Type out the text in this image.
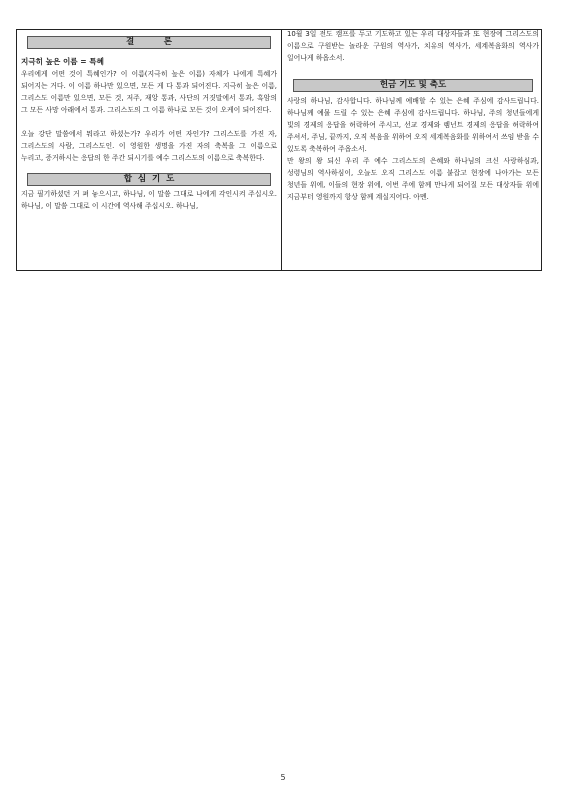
결          론
지극히 높은 이름 = 특혜

우리에게 어떤 것이 특혜인가? 이 이름(지극히 높은 이름) 자체가 나에게 특혜가 되어지는 거다. 이 이름 하나만 있으면, 모든 게 다 통과 되어진다. 지극히 높은 이름, 그리스도 이름만 있으면, 모든 것, 저주, 재앙 통과, 사단의 거짓말에서 통과, 흑암의 그 모든 사망 아래에서 통과. 그리스도의 그 이름 하나로 모든 것이 오케이 되어진다.

오늘 강단 말씀에서 뭐라고 하셨는가? 우리가 어떤 자인가? 그리스도를 가진 자, 그리스도의 사람, 그리스도인. 이 영원한 생명을 가진 자의 축복을 그 이름으로 누리고, 증거하시는 응답의 한 주간 되시기를 예수 그리스도의 이름으로 축복한다.

합  심  기  도

지금 필기하셨던 거 펴 놓으시고, 하나님, 이 말씀 그대로 나에게 각인시켜 주십시오. 하나님, 이 말씀 그대로 이 시간에 역사해 주십시오. 하나님,

10월 3일 전도 캠프를 두고 기도하고 있는 우리 대상자들과 또 현장에 그리스도의 이름으로 구원받는 놀라운 구원의 역사가, 치유의 역사가, 세계복음화의 역사가 일어나게 하옵소서.

헌금 기도 및 축도

사랑의 하나님, 감사합니다. 하나님께 예배할 수 있는 은혜 주심에 감사드립니다. 하나님께 예물 드릴 수 있는 은혜 주심에 감사드립니다. 하나님, 주의 청년들에게 빛의 경제의 응답을 허락하여 주시고, 선교 경제와 렘넌트 경제의 응답을 허락하여 주셔서, 주님, 끝까지, 오직 복음을 위하여 오직 세계복음화를 위하여서 쓰임 받을 수 있도록 축복하여 주옵소서.

만 왕의 왕 되신 우리 주 예수 그리스도의 은혜와 하나님의 크신 사랑하심과, 성령님의 역사하심이, 오늘도 오직 그리스도 이름 붙잡고 현장에 나아가는 모든 청년들 위에, 이들의 현장 위에, 이번 주에 함께 만나게 되어질 모든 대상자들 위에 지금부터 영원까지 항상 함께 계실지어다. 아멘.

5
